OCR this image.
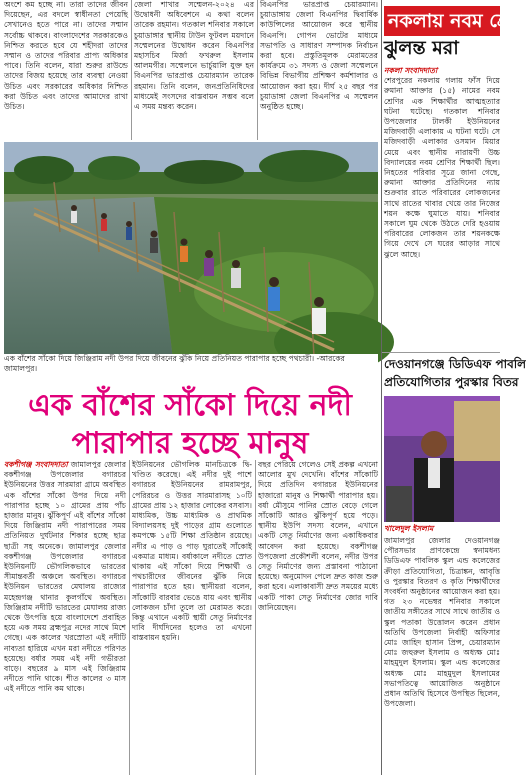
অংশে কম হচ্ছে না। তারা তাদের জীবন দিয়েছেন, এর বদলে স্বাধীনতা পেয়েছি সেখানেও হতে পারে না। তাদের সম্মান সর্বোচ্চ থাকবে। বাংলাদেশের সরকারকেও নিশ্চিত করতে হবে যে শহীদরা তাদের সম্মান ও তাদের পরিবার প্রাপ্য অধিকার পাবে। তিনি বলেন, যারা শুরুর রাউন্ডে তাদের বিজয় হয়েছে তার ব্যবস্থা নেওয়া উচিত এবং সরকারের অধিকার নিশ্চিত করা উচিত এবং তাদের আমাদের রাখা উচিত।
জেলা শাখার সম্মেলন-২০২৪ এর উদ্বোধনী অধিবেশনে এ কথা বলেন তারেক রহমান। গতকাল শনিবার সকালে চুয়াডাঙ্গার স্থানীয় টাউন ফুটবল ময়দানে সম্মেলনের উদ্বোধন করেন বিএনপির মহাসচিব মির্জা ফখরুল ইসলাম আলমগীর। সম্মেলনে ভার্চুয়ালি যুক্ত হন বিএনপির ভারপ্রাপ্ত চেয়ারম্যান তারেক রহমান। তিনি বলেন, জনপ্রতিনিধিদের মাধ্যমেই সংসদের বাস্তবায়ন সম্ভব বলে এ সময় মন্তব্য করেন।
বিএনপির ভারপ্রাপ্ত চেয়ারম্যান। চুয়াডাঙ্গায় জেলা বিএনপির দ্বিবার্ষিক কাউন্সিলের আয়োজন করে স্থানীয় বিএনপি। গোপন ভোটের মাধ্যমে সভাপতি ও সাধারণ সম্পাদক নির্বাচন করা হবে। প্রস্তুতিমূলক মেরামতের কার্যক্রমে ৩১ সদস্য ও জেলা সম্মেলনে বিভিন্ন বিভাগীয় প্রশিক্ষণ কর্মশালার ও আয়োজন করা হয়। দীর্ঘ ২৫ বছর পর চুয়াডাঙ্গা জেলা বিএনপির এ সম্মেলন অনুষ্ঠিত হচ্ছে।
এক বাঁশের সাঁকো দিয়ে জিঞ্জিরাম নদী উপর দিয়ে জীবনের ঝুঁকি নিয়ে প্রতিনিয়ত পারাপার হচ্ছে পথচারী। -আরকের জামালপুর।
এক বাঁশের সাঁকো দিয়ে নদী
পারাপার হচ্ছে মানুষ
বকশীগঞ্জ সংবাদদাতা জামালপুর জেলার বকশীগঞ্জ উপজেলার বগারচর ইউনিয়নের উত্তর সারমারা গ্রামে অবস্থিত এক বাঁশের সাঁকো উপর দিয়ে নদী পারাপার হচ্ছে ১০ গ্রামের প্রায় পাঁচ হাজার মানুষ। ঝুঁকিপূর্ণ এই বাঁশের সাঁকো দিয়ে জিঞ্জিরাম নদী পারাপারের সময় প্রতিনিয়ত দুর্ঘটনার শিকার হচ্ছে ছাত্র ছাত্রী সহ অনেকে। জামালপুর জেলার বকশীগঞ্জ উপজেলার বগারচর ইউনিয়নটি ভৌগলিকভাবে ভারতের সীমান্তবর্তী অঞ্চলে অবস্থিত। বগারচর ইউনিয়ন ভারতের মেঘালয় রাজ্যের মহেন্দ্রগঞ্জ থানার কুলগাঁথে অবস্থিত। জিঞ্জিরাম নদীটি ভারতের মেঘালয় রাজ্য থেকে উৎপত্তি হয়ে বাংলাদেশে প্রবাহিত হয়ে এক সময় ব্রহ্মপুত্র নদের সাথে মিশে গেছে। এক কালের খরস্রোতা এই নদীটি নাব্যতা হারিয়ে এখন মরা নদীতে পরিণত হয়েছে। বর্ষার সময় এই নদী গভীরতা বাড়ে। বছরের ৯ মাস এই জিঞ্জিরাম নদীতে পানি থাকে। শীত কালের ৩ মাস এই নদীতে পানি কম থাকে।
ইউনিয়নের ভৌগলিক মানচিত্রকে দ্বি-খণ্ডিত করেছে। এই নদীর দুই পাশে বগারচর ইউনিয়নের রামরামপুর, পেরিরচর ও উত্তর সারমারাসহ ১০টি গ্রামের প্রায় ১২ হাজার লোকের বসবাস। মাধ্যমিক, উচ্চ মাধ্যমিক ও প্রাথমিক বিদ্যালয়সহ দুই পাড়ের গ্রাম গুলোতে কমপক্ষে ১৫টি শিক্ষা প্রতিষ্ঠান রয়েছে। নদীর এ পাড় ও পাড় ঘুরাতেই সাঁকোই একমাত্র মাধ্যম। বর্ষাকালে নদীতে স্রোত থাকায় এই সাঁকো দিয়ে শিক্ষার্থী ও পথচারীদের জীবনের ঝুঁকি নিয়ে পারাপার হতে হয়। স্থানীয়রা বলেন, সাঁকোটি বারবার ভেঙে যায় এবং স্থানীয় লোকজন চাঁদা তুলে তা মেরামত করে। কিন্তু এখানে একটি স্থায়ী সেতু নির্মাণের দাবি দীর্ঘদিনের হলেও তা এখনো বাস্তবায়ন হয়নি।
বছর পেরিয়ে গেলেও সেই প্রকল্প এখনো আলোর মুখ দেখেনি। বাঁশের সাঁকোটি দিয়ে প্রতিদিন বগারচর ইউনিয়নের হাজারো মানুষ ও শিক্ষার্থী পারাপার হয়। বর্ষা মৌসুমে পানির স্রোত বেড়ে গেলে সাঁকোটি আরও ঝুঁকিপূর্ণ হয়ে পড়ে। স্থানীয় ইউপি সদস্য বলেন, এখানে একটি সেতু নির্মাণের জন্য একাধিকবার আবেদন করা হয়েছে। বকশীগঞ্জ উপজেলা প্রকৌশলী বলেন, নদীর উপর সেতু নির্মাণের জন্য প্রস্তাবনা পাঠানো হয়েছে। অনুমোদন পেলে দ্রুত কাজ শুরু করা হবে। এলাকাবাসী দ্রুত সময়ের মধ্যে একটি পাকা সেতু নির্মাণের জোর দাবি জানিয়েছেন।
নকলায় নবম শ্রে
ঝুলন্ত মরা
নকলা সংবাদদাতা
শেরপুরের নকলায় গলায় ফাঁস দিয়ে রুমানা আক্তার (১৫) নামের নবম শ্রেণির এক শিক্ষার্থীর আত্মহত্যার ঘটনা ঘটেছে। গতকাল শনিবার উপজেলার টালকী ইউনিয়নের মজিদবাড়ী এলাকায় এ ঘটনা ঘটে। সে মজিদবাড়ী এলাকার ওসমান মিয়ার মেয়ে এবং স্থানীয় নারায়ণী উচ্চ বিদ্যালয়ের নবম শ্রেণির শিক্ষার্থী ছিল। নিহতের পরিবার সূত্রে জানা গেছে, রুমানা আক্তার প্রতিদিনের ন্যায় শুক্রবার রাতে পরিবারের লোকজনের সাথে রাতের খাবার খেয়ে তার নিজের শয়ন কক্ষে ঘুমাতে যায়। শনিবার সকালে ঘুম থেকে উঠতে দেরি হওয়ায় পরিবারের লোকজন তার শয়নকক্ষে গিয়ে দেখে সে ঘরের আড়ার সাথে ঝুলে আছে।
দেওয়ানগঞ্জে ডিডিএফ পাবলি
প্রতিযোগিতার পুরস্কার বিতর
খালেদুল ইসলাম
জামালপুর জেলার দেওয়ানগঞ্জ পৌরসভার প্রাণকেন্দ্রে স্বনামধন্য ডিডিএফ পাবলিক স্কুল এন্ড কলেজের ক্রীড়া প্রতিযোগিতা, চিত্রাঙ্কন, আবৃত্তি ও পুরস্কার বিতরণ ও কৃতি শিক্ষার্থীদের সংবর্ধনা অনুষ্ঠানের আয়োজন করা হয়। গত ২৩ নভেম্বর শনিবার সকালে জাতীয় সঙ্গীতের সাথে সাথে জাতীয় ও স্কুল পতাকা উত্তোলন করেন প্রধান অতিথি উপজেলা নির্বাহী অফিসার মোঃ জাহিদ হাসান প্রিন্স, চেয়ারম্যান মোঃ জহুরুল ইসলাম ও অধ্যক্ষ মোঃ মাহমুদুল ইসলাম। স্কুল এন্ড কলেজের অধ্যক্ষ মোঃ মাহমুদুল ইসলামের সভাপতিত্বে আয়োজিত অনুষ্ঠানে প্রধান অতিথি হিসেবে উপস্থিত ছিলেন, উপজেলা।
